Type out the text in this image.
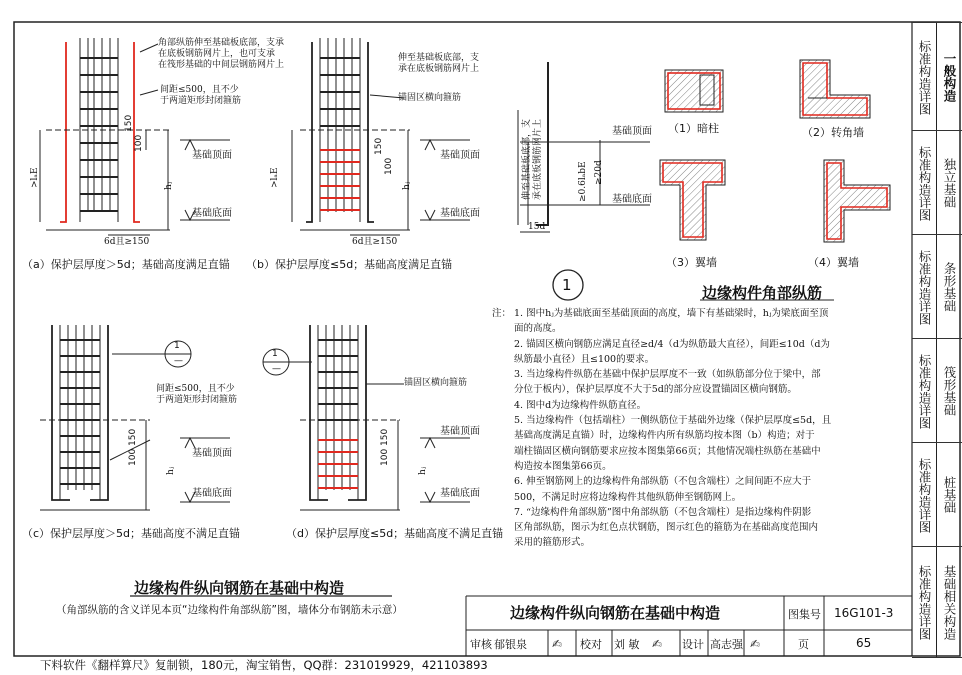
角部纵筋伸至基础板底部，支承
在底板钢筋网片上，也可支承
在筏形基础的中间层钢筋网片上
间距≤500，且不少
于两道矩形封闭箍筋
150
100
>lₐE	hⱼ
基础顶面
基础底面
6d且≥150
（a）保护层厚度＞5d；基础高度满足直锚
伸至基础板底部，支
承在底板钢筋网片上
锚固区横向箍筋
150
100
>lₐE	hⱼ
基础顶面
基础底面
6d且≥150
（b）保护层厚度≤5d；基础高度满足直锚
1
—
间距≤500，且不少
于两道矩形封闭箍筋
150
100
hⱼ
基础顶面
基础底面
（c）保护层厚度＞5d；基础高度不满足直锚
1
—
锚固区横向箍筋
150
100
hⱼ
基础顶面
基础底面
（d）保护层厚度≤5d；基础高度不满足直锚
伸至基础板底部，支 承在底板钢筋网片上	≥0.6lₐbE ≥20d
基础顶面
基础底面
15d
1
（1）暗柱	（2）转角墙
（3）翼墙	（4）翼墙
边缘构件角部纵筋
注： 1. 图中hⱼ为基础底面至基础顶面的高度，墙下有基础梁时，hⱼ为梁底面至顶
面的高度。
2. 锚固区横向钢筋应满足直径≥d/4（d为纵筋最大直径），间距≤10d（d为
纵筋最小直径）且≤100的要求。
3. 当边缘构件纵筋在基础中保护层厚度不一致（如纵筋部分位于梁中，部
分位于板内），保护层厚度不大于5d的部分应设置锚固区横向钢筋。
4. 图中d为边缘构件纵筋直径。
5. 当边缘构件（包括端柱）一侧纵筋位于基础外边缘（保护层厚度≤5d，且
基础高度满足直锚）时，边缘构件内所有纵筋均按本图（b）构造；对于
端柱锚固区横向钢筋要求应按本图集第66页；其他情况端柱纵筋在基础中
构造按本图集第66页。
6. 伸至钢筋网上的边缘构件角部纵筋（不包含端柱）之间间距不应大于
500，不满足时应将边缘构件其他纵筋伸至钢筋网上。
7. “边缘构件角部纵筋”图中角部纵筋（不包含端柱）是指边缘构件阴影
区角部纵筋，图示为红色点状钢筋，图示红色的箍筋为在基础高度范围内
采用的箍筋形式。
边缘构件纵向钢筋在基础中构造
（角部纵筋的含义详见本页“边缘构件角部纵筋”图，墙体分布钢筋未示意）	边缘构件纵向钢筋在基础中构造	图集号 16G101-3
审核 郁银泉 ✍ 校对 刘 敏 ✍ 设计 高志强 ✍	页	65
标准构造详图 一般构造
标准构造详图 独立基础
标准构造详图 条形基础
标准构造详图 筏形基础
标准构造详图 桩基础
标准构造详图 基础相关构造
下料软件《翻样算尺》复制锁，180元，淘宝销售，QQ群：231019929，421103893
